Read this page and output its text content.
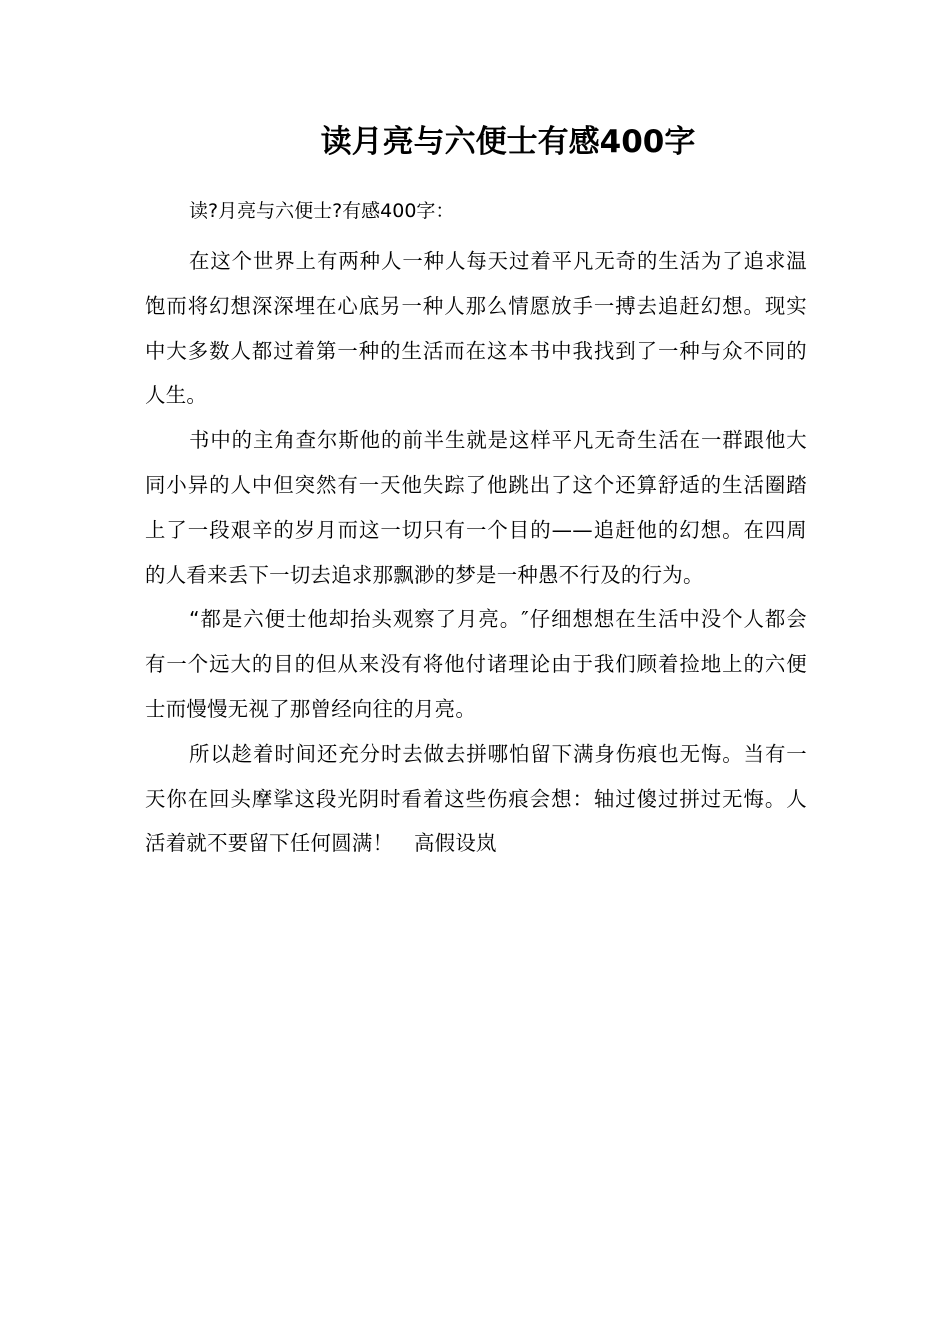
读月亮与六便士有感400字

读?月亮与六便士?有感400字：

在这个世界上有两种人一种人每天过着平凡无奇的生活为了追求温饱而将幻想深深埋在心底另一种人那么情愿放手一搏去追赶幻想。现实中大多数人都过着第一种的生活而在这本书中我找到了一种与众不同的人生。

书中的主角查尔斯他的前半生就是这样平凡无奇生活在一群跟他大同小异的人中但突然有一天他失踪了他跳出了这个还算舒适的生活圈踏上了一段艰辛的岁月而这一切只有一个目的——追赶他的幻想。在四周的人看来丢下一切去追求那飘渺的梦是一种愚不行及的行为。

“都是六便士他却抬头观察了月亮。″仔细想想在生活中没个人都会有一个远大的目的但从来没有将他付诸理论由于我们顾着捡地上的六便士而慢慢无视了那曾经向往的月亮。

所以趁着时间还充分时去做去拼哪怕留下满身伤痕也无悔。当有一天你在回头摩挲这段光阴时看着这些伤痕会想：轴过傻过拼过无悔。人活着就不要留下任何圆满！　高假设岚
